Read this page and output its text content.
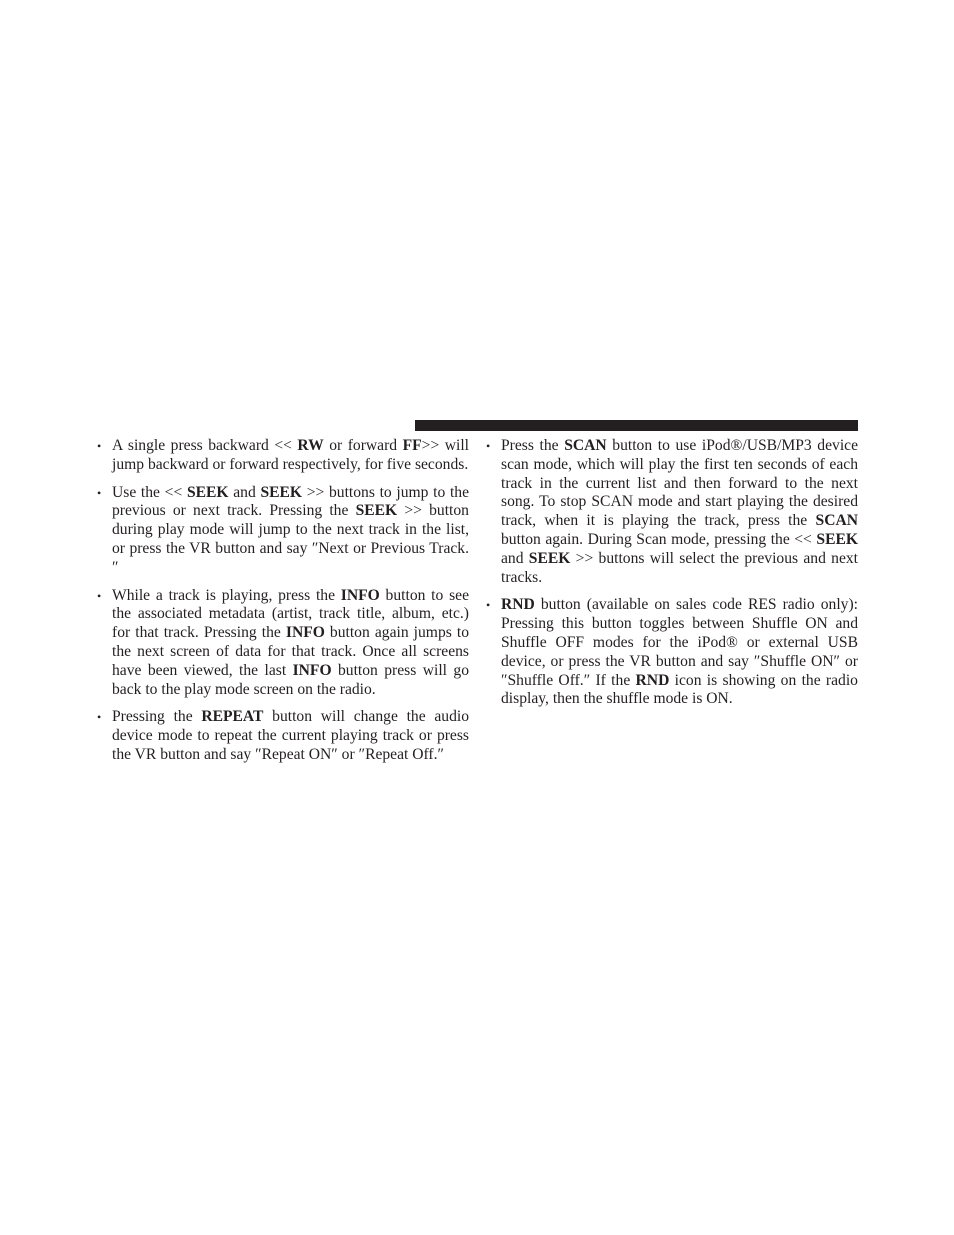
• A single press backward << RW or forward FF>> will jump backward or forward respectively, for five seconds.
• Use the << SEEK and SEEK >> buttons to jump to the previous or next track. Pressing the SEEK >> button during play mode will jump to the next track in the list, or press the VR button and say ″Next or Previous Track.″
• While a track is playing, press the INFO button to see the associated metadata (artist, track title, album, etc.) for that track. Pressing the INFO button again jumps to the next screen of data for that track. Once all screens have been viewed, the last INFO button press will go back to the play mode screen on the radio.
• Pressing the REPEAT button will change the audio device mode to repeat the current playing track or press the VR button and say ″Repeat ON″ or ″Repeat Off.″
• Press the SCAN button to use iPod®/USB/MP3 device scan mode, which will play the first ten seconds of each track in the current list and then forward to the next song. To stop SCAN mode and start playing the desired track, when it is playing the track, press the SCAN button again. During Scan mode, pressing the << SEEK and SEEK >> buttons will select the previous and next tracks.
• RND button (available on sales code RES radio only): Pressing this button toggles between Shuffle ON and Shuffle OFF modes for the iPod® or external USB device, or press the VR button and say ″Shuffle ON″ or ″Shuffle Off.″ If the RND icon is showing on the radio display, then the shuffle mode is ON.
